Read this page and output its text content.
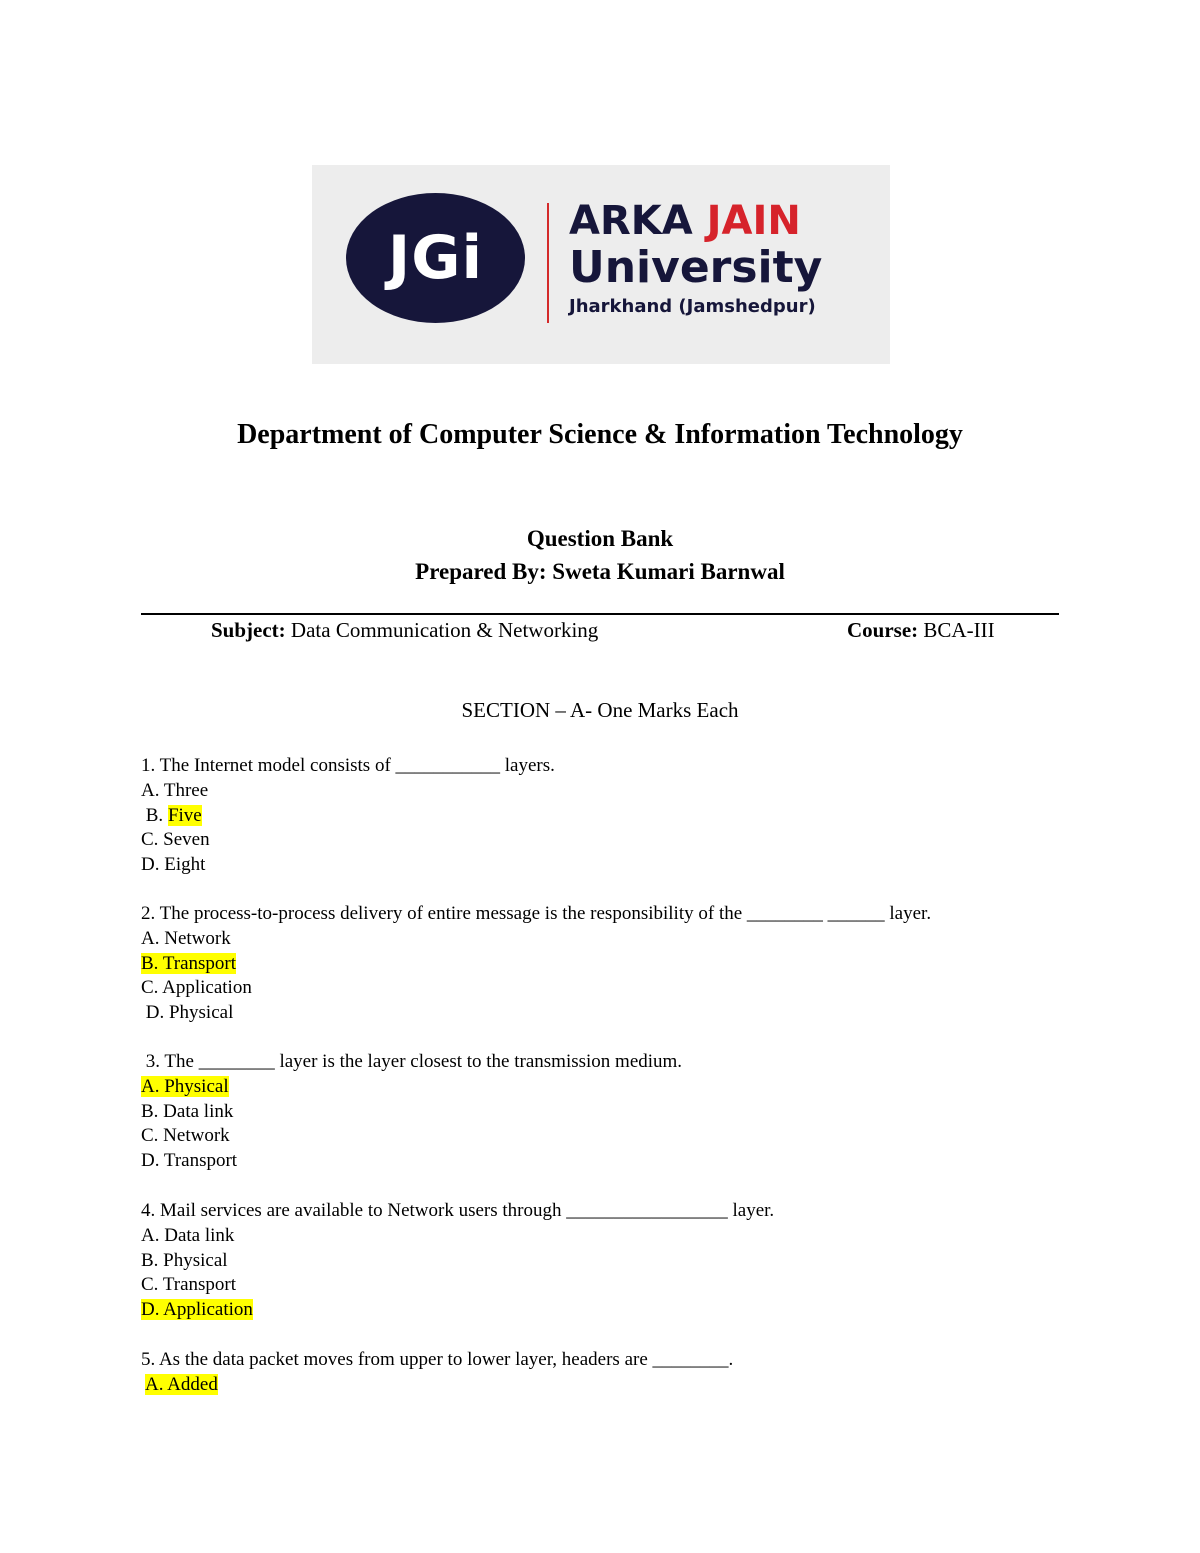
JGi
ARKA JAIN
University
Jharkhand (Jamshedpur)
Department of Computer Science & Information Technology
Question Bank
Prepared By: Sweta Kumari Barnwal
Subject: Data Communication & Networking	Course: BCA-III
SECTION – A- One Marks Each
1. The Internet model consists of ___________ layers.
A. Three
B. Five
C. Seven
D. Eight
2. The process-to-process delivery of entire message is the responsibility of the ________ ______ layer.
A. Network
B. Transport
C. Application
D. Physical
3. The ________ layer is the layer closest to the transmission medium.
A. Physical
B. Data link
C. Network
D. Transport
4. Mail services are available to Network users through _________________ layer.
A. Data link
B. Physical
C. Transport
D. Application
5. As the data packet moves from upper to lower layer, headers are ________.
A. Added
